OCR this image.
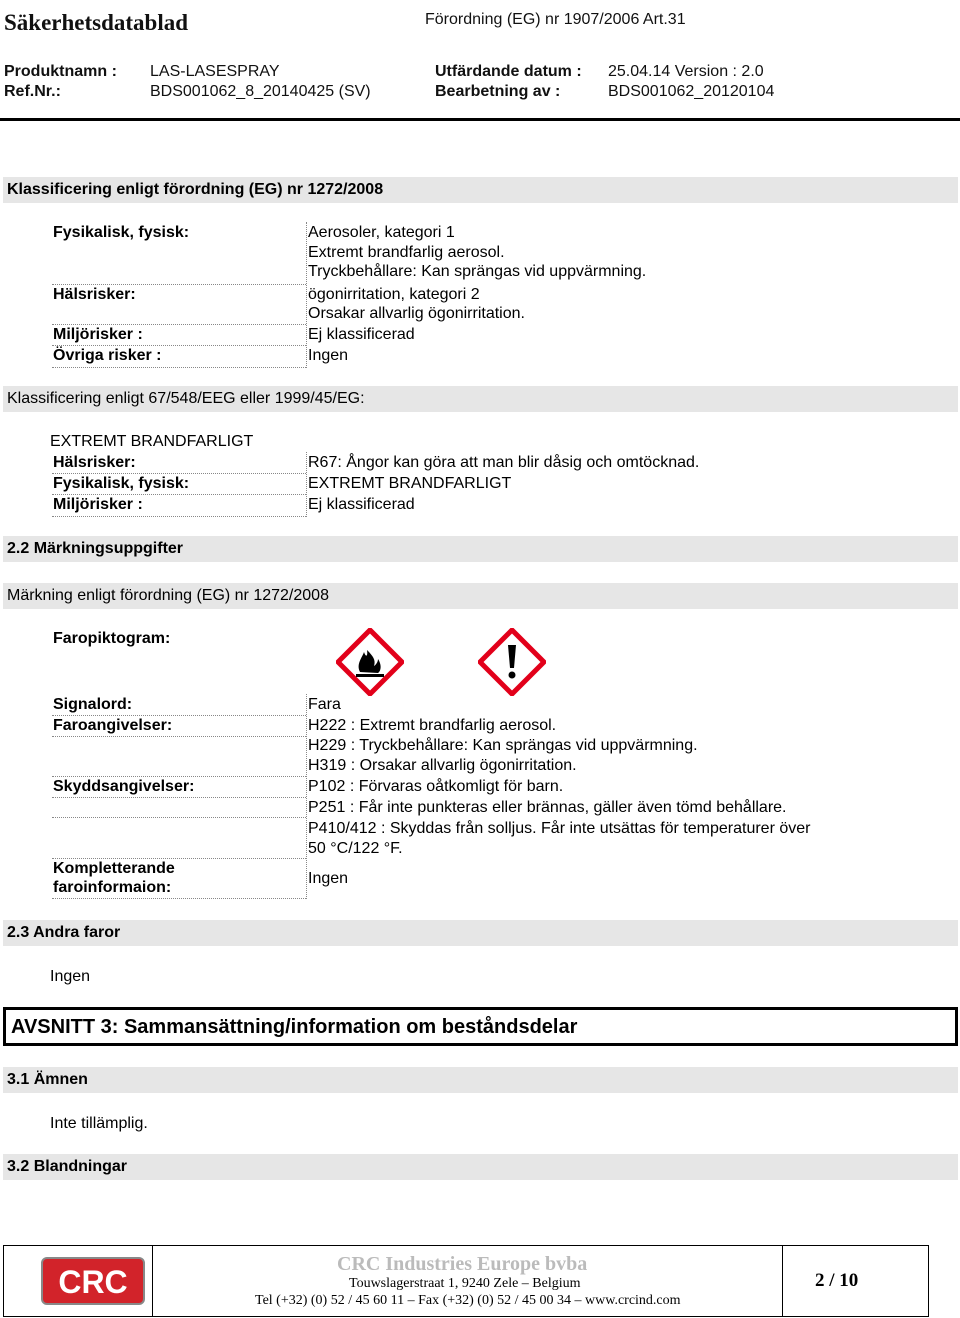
Säkerhetsdatablad	Förordning (EG) nr 1907/2006 Art.31
Produktnamn : LAS-LASESPRAY	Utfärdande datum : 25.04.14 Version : 2.0
Ref.Nr.:	BDS001062_8_20140425 (SV)	Bearbetning av :	BDS001062_20120104
Klassificering enligt förordning (EG) nr 1272/2008
Fysikalisk, fysisk:	Aerosoler, kategori 1
Extremt brandfarlig aerosol.
Tryckbehållare: Kan sprängas vid uppvärmning.
Hälsrisker:	ögonirritation, kategori 2
Orsakar allvarlig ögonirritation.
Miljörisker :	Ej klassificerad
Övriga risker :	Ingen
Klassificering enligt 67/548/EEG eller 1999/45/EG:
EXTREMT BRANDFARLIGT
Hälsrisker:	R67: Ångor kan göra att man blir dåsig och omtöcknad.
Fysikalisk, fysisk:	EXTREMT BRANDFARLIGT
Miljörisker :	Ej klassificerad
2.2 Märkningsuppgifter
Märkning enligt förordning (EG) nr 1272/2008
Faropiktogram:
Signalord:	Fara
Faroangivelser:	H222 : Extremt brandfarlig aerosol.
H229 : Tryckbehållare: Kan sprängas vid uppvärmning.
H319 : Orsakar allvarlig ögonirritation.
Skyddsangivelser:	P102 : Förvaras oåtkomligt för barn.
P251 : Får inte punkteras eller brännas, gäller även tömd behållare.
P410/412 : Skyddas från solljus. Får inte utsättas för temperaturer över
50 °C/122 °F.
Kompletterande
faroinformaion:
Ingen
2.3 Andra faror
Ingen
AVSNITT 3: Sammansättning/information om beståndsdelar
3.1 Ämnen
Inte tillämplig.
3.2 Blandningar
CRC	CRC Industries Europe bvba
Touwslagerstraat 1, 9240 Zele – Belgium
Tel (+32) (0) 52 / 45 60 11 – Fax (+32) (0) 52 / 45 00 34 – www.crcind.com
2 / 10
